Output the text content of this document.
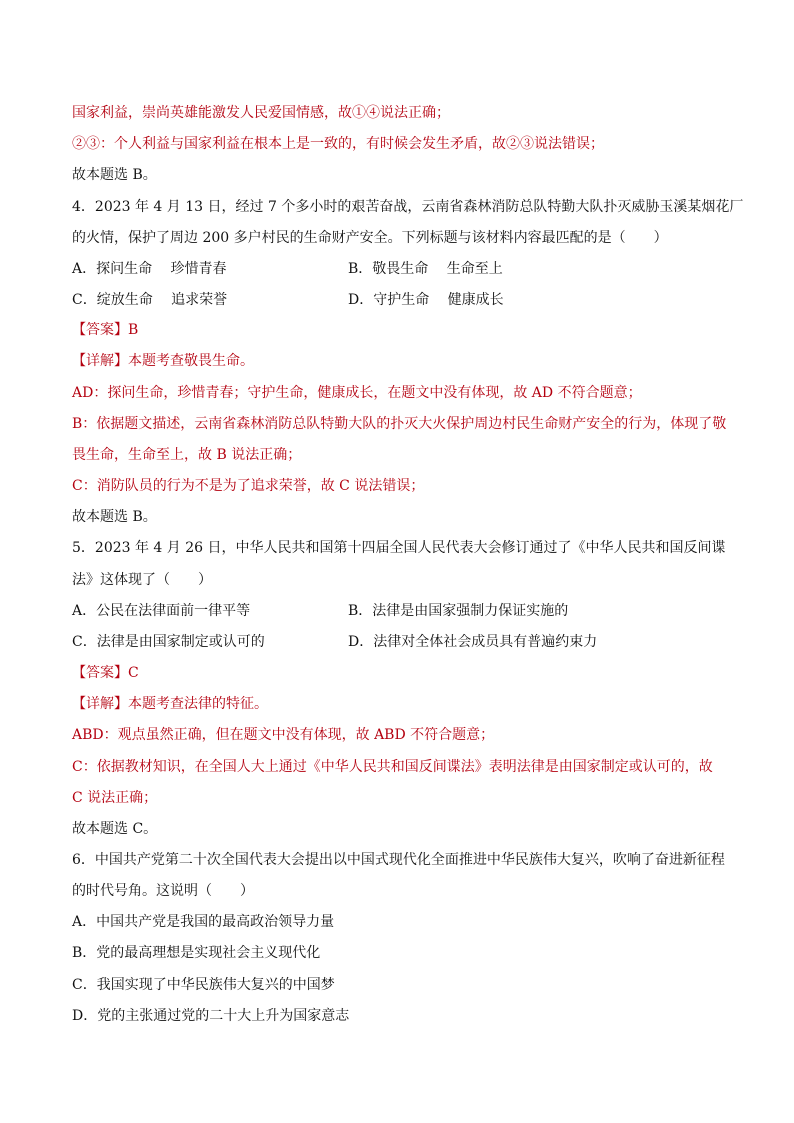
国家利益，崇尚英雄能激发人民爱国情感，故①④说法正确；
②③：个人利益与国家利益在根本上是一致的，有时候会发生矛盾，故②③说法错误；
故本题选 B。
4．2023 年 4 月 13 日，经过 7 个多小时的艰苦奋战，云南省森林消防总队特勤大队扑灭威胁玉溪某烟花厂
的火情，保护了周边 200 多户村民的生命财产安全。下列标题与该材料内容最匹配的是（　　）
A．探问生命　 珍惜青春	B．敬畏生命　 生命至上
C．绽放生命　 追求荣誉	D．守护生命　 健康成长
【答案】B
【详解】本题考查敬畏生命。
AD：探问生命，珍惜青春；守护生命，健康成长，在题文中没有体现，故 AD 不符合题意；
B：依据题文描述，云南省森林消防总队特勤大队的扑灭大火保护周边村民生命财产安全的行为，体现了敬
畏生命，生命至上，故 B 说法正确；
C：消防队员的行为不是为了追求荣誉，故 C 说法错误；
故本题选 B。
5．2023 年 4 月 26 日，中华人民共和国第十四届全国人民代表大会修订通过了《中华人民共和国反间谍
法》这体现了（　　）
A．公民在法律面前一律平等	B．法律是由国家强制力保证实施的
C．法律是由国家制定或认可的	D．法律对全体社会成员具有普遍约束力
【答案】C
【详解】本题考查法律的特征。
ABD：观点虽然正确，但在题文中没有体现，故 ABD 不符合题意；
C：依据教材知识，在全国人大上通过《中华人民共和国反间谍法》表明法律是由国家制定或认可的，故
C 说法正确；
故本题选 C。
6．中国共产党第二十次全国代表大会提出以中国式现代化全面推进中华民族伟大复兴，吹响了奋进新征程
的时代号角。这说明（　　）
A．中国共产党是我国的最高政治领导力量
B．党的最高理想是实现社会主义现代化
C．我国实现了中华民族伟大复兴的中国梦
D．党的主张通过党的二十大上升为国家意志
